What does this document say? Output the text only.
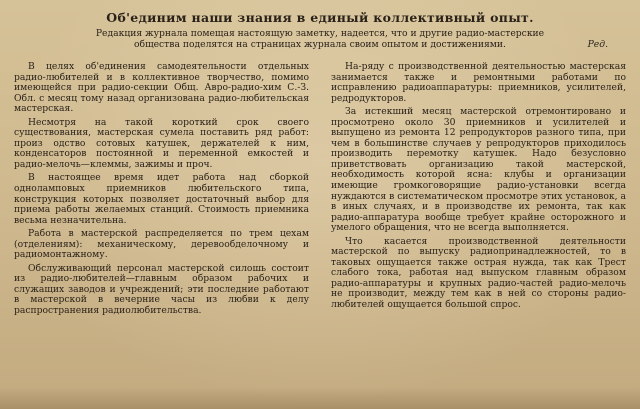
Об'единим наши знания в единый коллективный опыт.
Редакция журнала помещая настоящую заметку, надеется, что и другие радио-мастерские общества поделятся на страницах журнала своим опытом и достижениями.	Ред.

В целях об'единения самодеятельности отдельных радио-любителей и в коллективное творчество, помимо имеющейся при радио-секции Общ. Авро-радио-хим С.-З. Обл. с месяц тому назад организована радио-любительская мастерская.

Несмотря на такой короткий срок своего существования, мастерская сумела поставить ряд работ: произ одство сотовых катушек, держателей к ним, конденсаторов постоянной и переменной емкостей и радио-мелочь—клеммы, зажимы и проч.

В настоящее время идет работа над сборкой одноламповых приемников любительского типа, конструкция которых позволяет достаточный выбор для приема работы желаемых станций. Стоимость приемника весьма незначительна.

Работа в мастерской распределяется по трем цехам (отделениям): механическому, деревообделочному и радиомонтажному.

Обслуживающий персонал мастерской силошь состоит из радио-любителей—главным образом рабочих и служащих заводов и учреждений; эти последние работают в мастерской в вечерние часы из любви к делу распространения радиолюбительства.

На-ряду с производственной деятельностью мастерская занимается также и ремонтными работами по исправлению радиоаппаратуры: приемников, усилителей, редродукторов.

За истекший месяц мастерской отремонтировано и просмотрено около 30 приемников и усилителей и выпущено из ремонта 12 репродукторов разного типа, при чем в большинстве случаев у репродукторов приходилось производить перемотку катушек. Надо безусловно приветствовать организацию такой мастерской, необходимость которой ясна: клубы и организации имеющие громкоговорящие радио-установки всегда нуждаются в систематическом просмотре этих установок, а в иных случаях, и в производстве их ремонта, так как радио-аппаратура вообще требует крайне осторожного и умелого обращения, что не всегда выполняется.

Что касается производственной деятельности мастерской по выпуску радиопринадлежностей, то в таковых ощущается также острая нужда, так как Трест слабого тока, работая над выпуском главным образом радио-аппаратуры и крупных радио-частей радио-мелочь не производит, между тем как в ней со стороны радио-любителей ощущается большой спрос.
